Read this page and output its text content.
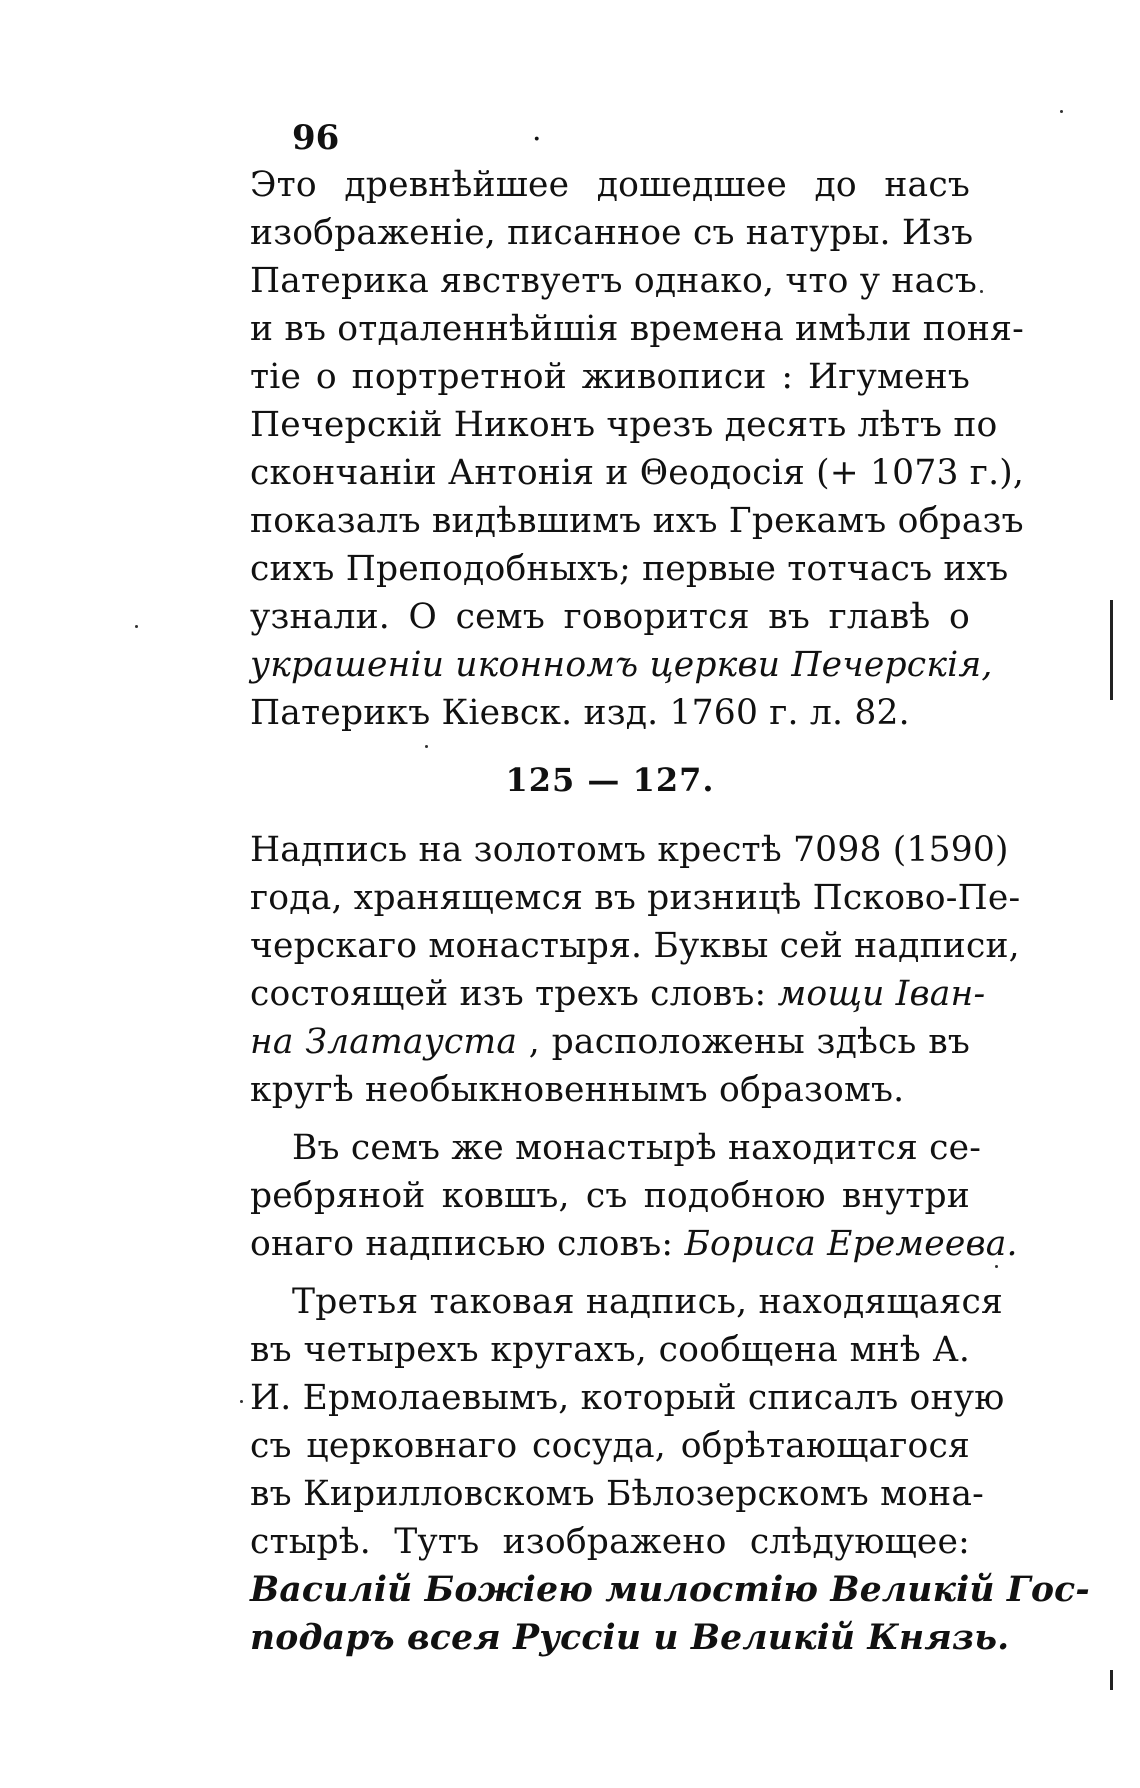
96	·
Это древнѣйшее дошедшее до насъ
изображенiе, писанное съ натуры. Изъ
Патерика явствуетъ однако, что у насъ
и въ отдаленнѣйшiя времена имѣли поня-
тiе о портретной живописи : Игуменъ
Печерскiй Никонъ чрезъ десять лѣтъ по
скончанiи Антонiя и Θеодосiя (+ 1073 г.),
показалъ видѣвшимъ ихъ Грекамъ образъ
сихъ Преподобныхъ; первые тотчасъ ихъ
узнали. О семъ говорится въ главѣ о
украшенiи иконномъ церкви Печерскiя,
Патерикъ Кiевск. изд. 1760 г. л. 82.
125 — 127.
Надпись на золотомъ крестѣ 7098 (1590)
года, хранящемся въ ризницѣ Псково-Пе-
черскаго монастыря. Буквы сей надписи,
состоящей изъ трехъ словъ: мощи Iван-
на Златауста , расположены здѣсь въ
кругѣ необыкновеннымъ образомъ.
Въ семъ же монастырѣ находится се-
ребряной ковшъ, съ подобною внутри
онаго надписью словъ: Бориса Еремеева.
Третья таковая надпись, находящаяся
въ четырехъ кругахъ, сообщена мнѣ А.
И. Ермолаевымъ, который списалъ оную
съ церковнаго сосуда, обрѣтающагося
въ Кирилловскомъ Бѣлозерскомъ мона-
стырѣ. Тутъ изображено слѣдующее:
Василiй Божiею милостiю Великiй Гос-
подаръ всея Руссiи и Великiй Князь.
